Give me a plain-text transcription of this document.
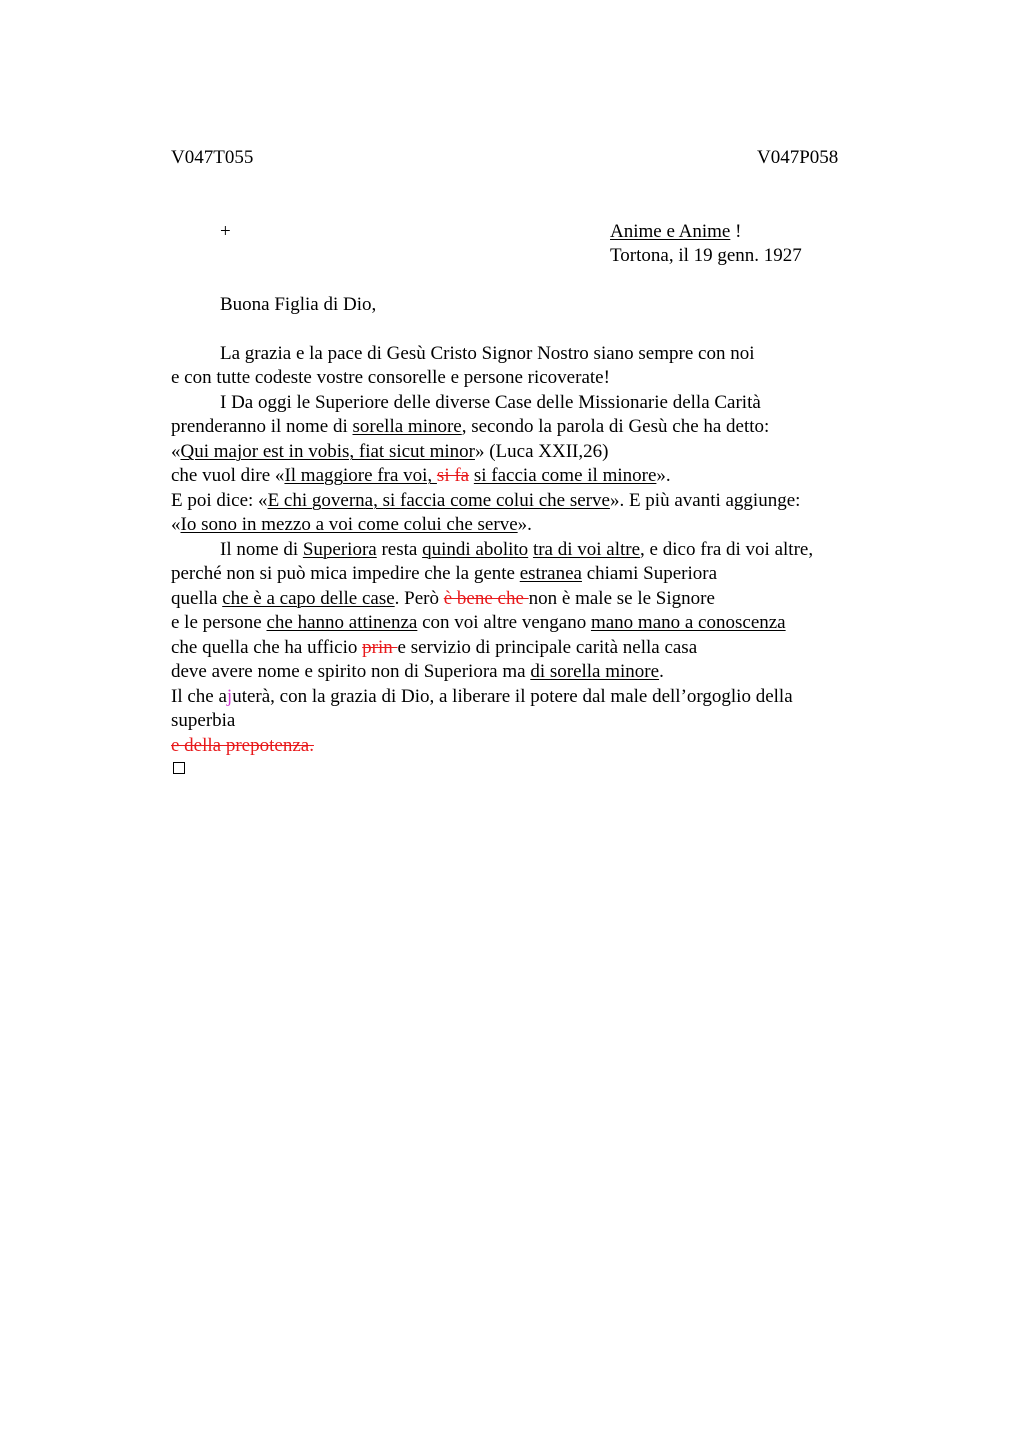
V047T055	V047P058
+	Anime e Anime !
Tortona, il 19 genn. 1927
Buona Figlia di Dio,
La grazia e la pace di Gesù Cristo Signor Nostro siano sempre con noi
e con tutte codeste vostre consorelle e persone ricoverate!
I Da oggi le Superiore delle diverse Case delle Missionarie della Carità
prenderanno il nome di sorella minore, secondo la parola di Gesù che ha detto:
«Qui major est in vobis, fiat sicut minor» (Luca XXII,26)
che vuol dire «Il maggiore fra voi, si fa si faccia come il minore».
E poi dice: «E chi governa, si faccia come colui che serve». E più avanti aggiunge:
«Io sono in mezzo a voi come colui che serve».
Il nome di Superiora resta quindi abolito tra di voi altre, e dico fra di voi altre,
perché non si può mica impedire che la gente estranea chiami Superiora
quella che è a capo delle case. Però è bene che non è male se le Signore
e le persone che hanno attinenza con voi altre vengano mano mano a conoscenza
che quella che ha ufficio prin e servizio di principale carità nella casa
deve avere nome e spirito non di Superiora ma di sorella minore.
Il che ajuterà, con la grazia di Dio, a liberare il potere dal male dell’orgoglio della
superbia
e della prepotenza.
